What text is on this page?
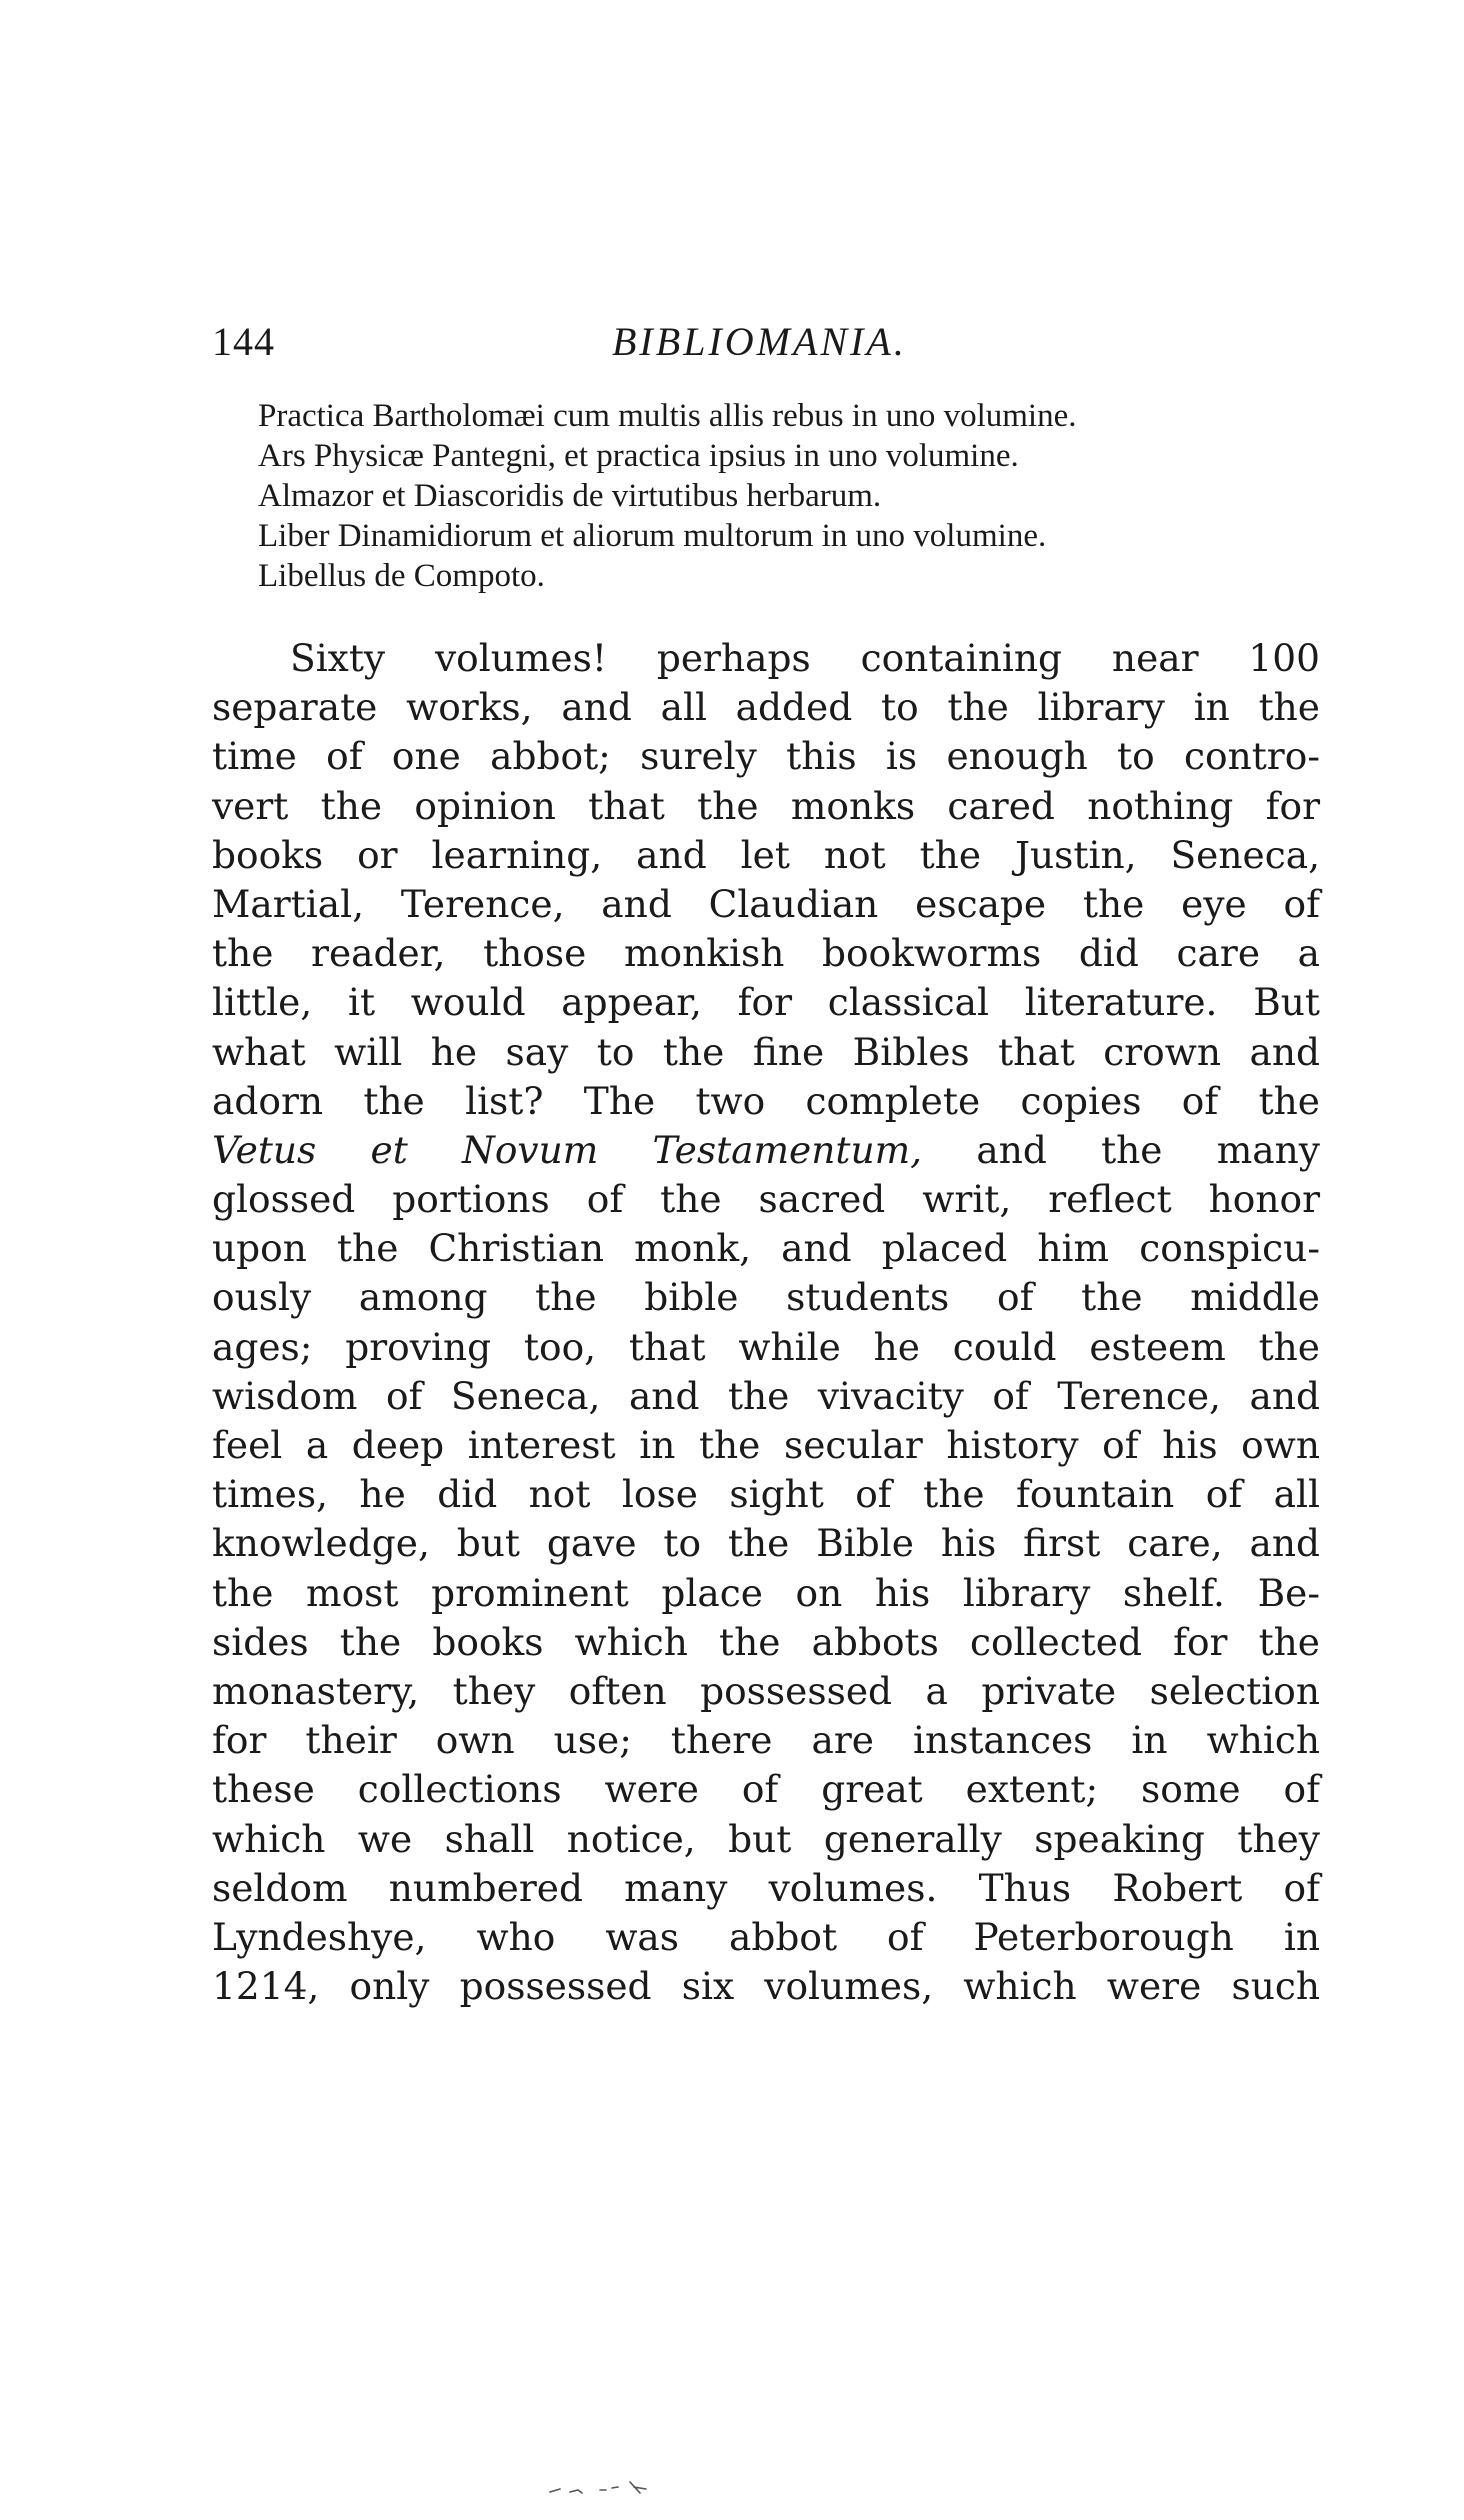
144	BIBLIOMANIA.
Practica Bartholomæi cum multis allis rebus in uno volumine.
Ars Physicæ Pantegni, et practica ipsius in uno volumine.
Almazor et Diascoridis de virtutibus herbarum.
Liber Dinamidiorum et aliorum multorum in uno volumine.
Libellus de Compoto.
Sixty volumes! perhaps containing near 100
separate works, and all added to the library in the
time of one abbot; surely this is enough to contro-
vert the opinion that the monks cared nothing for
books or learning, and let not the Justin, Seneca,
Martial, Terence, and Claudian escape the eye of
the reader, those monkish bookworms did care a
little, it would appear, for classical literature. But
what will he say to the fine Bibles that crown and
adorn the list? The two complete copies of the
Vetus et Novum Testamentum, and the many
glossed portions of the sacred writ, reflect honor
upon the Christian monk, and placed him conspicu-
ously among the bible students of the middle
ages; proving too, that while he could esteem the
wisdom of Seneca, and the vivacity of Terence, and
feel a deep interest in the secular history of his own
times, he did not lose sight of the fountain of all
knowledge, but gave to the Bible his first care, and
the most prominent place on his library shelf. Be-
sides the books which the abbots collected for the
monastery, they often possessed a private selection
for their own use; there are instances in which
these collections were of great extent; some of
which we shall notice, but generally speaking they
seldom numbered many volumes. Thus Robert of
Lyndeshye, who was abbot of Peterborough in
1214, only possessed six volumes, which were such
